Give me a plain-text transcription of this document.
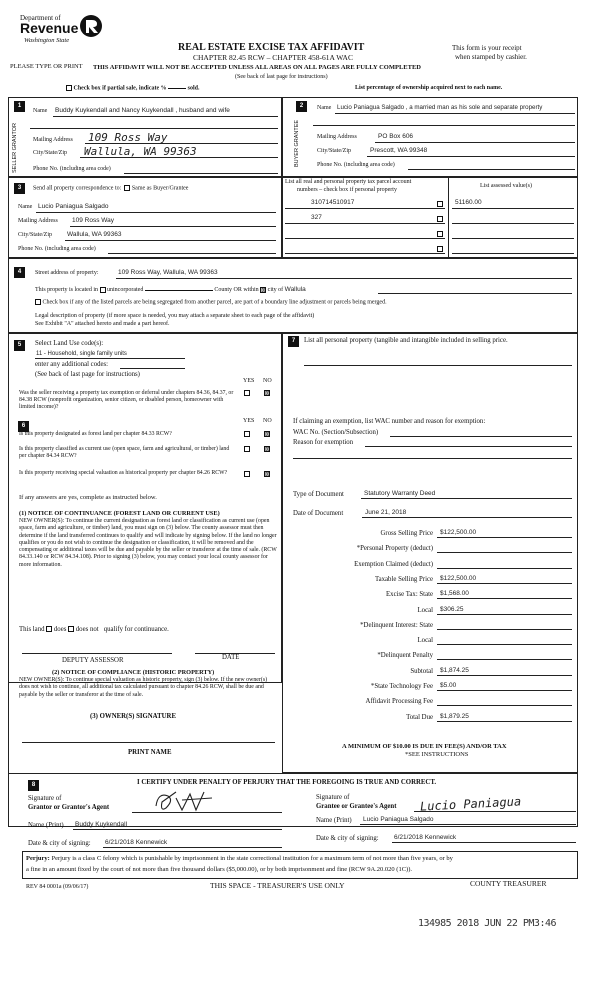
Department of
Revenue
Washington State
PLEASE TYPE OR PRINT
REAL ESTATE EXCISE TAX AFFIDAVIT
CHAPTER 82.45 RCW – CHAPTER 458-61A WAC
THIS AFFIDAVIT WILL NOT BE ACCEPTED UNLESS ALL AREAS ON ALL PAGES ARE FULLY COMPLETED
(See back of last page for instructions)
This form is your receipt
when stamped by cashier.
Check box if partial sale, indicate %	sold.	List percentage of ownership acquired next to each name.
1	2
SELLER GRANTOR	BUYER GRANTEE
Name Buddy Kuykendall and Nancy Kuykendall , husband and wife
Mailing Address 109 Ross Way
City/State/Zip Wallula, WA 99363
Phone No. (including area code)
Name Lucio Paniagua Salgado , a married man as his sole and separate property
Mailing Address	PO Box 606
City/State/Zip	Prescott, WA 99348
Phone No. (including area code)
3	Send all property correspondence to: Same as Buyer/Grantee
Name Lucio Paniagua Salgado
Mailing Address 109 Ross Way
City/State/Zip Wallula, WA 99363
Phone No. (including area code)
List all real and personal property tax parcel account
numbers – check box if personal property
List assessed value(s)
310714510917	51160.00
327
4	Street address of property:	109 Ross Way, Wallula, WA 99363
This property is located in unincorporated	County OR within ⊠ city of Wallula
Check box if any of the listed parcels are being segregated from another parcel, are part of a boundary line adjustment or parcels being merged.
Legal description of property (if more space is needed, you may attach a separate sheet to each page of the affidavit)
See Exhibit "A" attached hereto and made a part hereof.
5	Select Land Use code(s):
11 - Household, single family units
enter any additional codes:
(See back of last page for instructions)
YES NO
Was the seller receiving a property tax exemption or deferral under chapters 84.36, 84.37, or 84.38 RCW (nonprofit organization, senior citizen, or disabled person, homeowner with limited income)?
⊠
6
YES NO
Is this property designated as forest land per chapter 84.33 RCW?	⊠
Is this property classified as current use (open space, farm and agricultural, or timber) land per chapter 84.34 RCW?
⊠
Is this property receiving special valuation as historical property per chapter 84.26 RCW?	⊠
If any answers are yes, complete as instructed below.
(1) NOTICE OF CONTINUANCE (FOREST LAND OR CURRENT USE)
NEW OWNER(S): To continue the current designation as forest land or classification as current use (open space, farm and agriculture, or timber) land, you must sign on (3) below. The county assessor must then determine if the land transferred continues to qualify and will indicate by signing below. If the land no longer qualifies or you do not wish to continue the designation or classification, it will be removed and the compensating or additional taxes will be due and payable by the seller or transferor at the time of sale. (RCW 84.33.140 or RCW 84.34.108). Prior to signing (3) below, you may contact your local county assessor for more information.
This land does does not qualify for continuance.
DEPUTY ASSESSOR	DATE
(2) NOTICE OF COMPLIANCE (HISTORIC PROPERTY)
NEW OWNER(S): To continue special valuation as historic property, sign (3) below. If the new owner(s) does not wish to continue, all additional tax calculated pursuant to chapter 84.26 RCW, shall be due and payable by the seller or transferor at the time of sale.
(3) OWNER(S) SIGNATURE
PRINT NAME
7	List all personal property (tangible and intangible included in selling price.
If claiming an exemption, list WAC number and reason for exemption:
WAC No. (Section/Subsection)
Reason for exemption
Type of Document	Statutory Warranty Deed
Date of Document	June 21, 2018
Gross Selling Price $122,500.00
*Personal Property (deduct)
Exemption Claimed (deduct)
Taxable Selling Price $122,500.00
Excise Tax: State $1,568.00
Local $306.25
*Delinquent Interest: State
Local
*Delinquent Penalty
Subtotal $1,874.25
*State Technology Fee $5.00
Affidavit Processing Fee
Total Due $1,879.25
A MINIMUM OF $10.00 IS DUE IN FEE(S) AND/OR TAX
*SEE INSTRUCTIONS
8	I CERTIFY UNDER PENALTY OF PERJURY THAT THE FOREGOING IS TRUE AND CORRECT.
Signature of
Grantor or Grantor's Agent
Name (Print) Buddy Kuykendall
Date & city of signing: 6/21/2018 Kennewick
Signature of
Grantee or Grantee's Agent Lucio Paniagua
Name (Print) Lucio Paniagua Salgado
Date & city of signing: 6/21/2018 Kennewick
Perjury: Perjury is a class C felony which is punishable by imprisonment in the state correctional institution for a maximum term of not more than five years, or by
a fine in an amount fixed by the court of not more than five thousand dollars ($5,000.00), or by both imprisonment and fine (RCW 9A.20.020 (1C)).
REV 84 0001a (09/06/17)	THIS SPACE - TREASURER'S USE ONLY	COUNTY TREASURER
134985 2018 JUN 22 PM3:46
